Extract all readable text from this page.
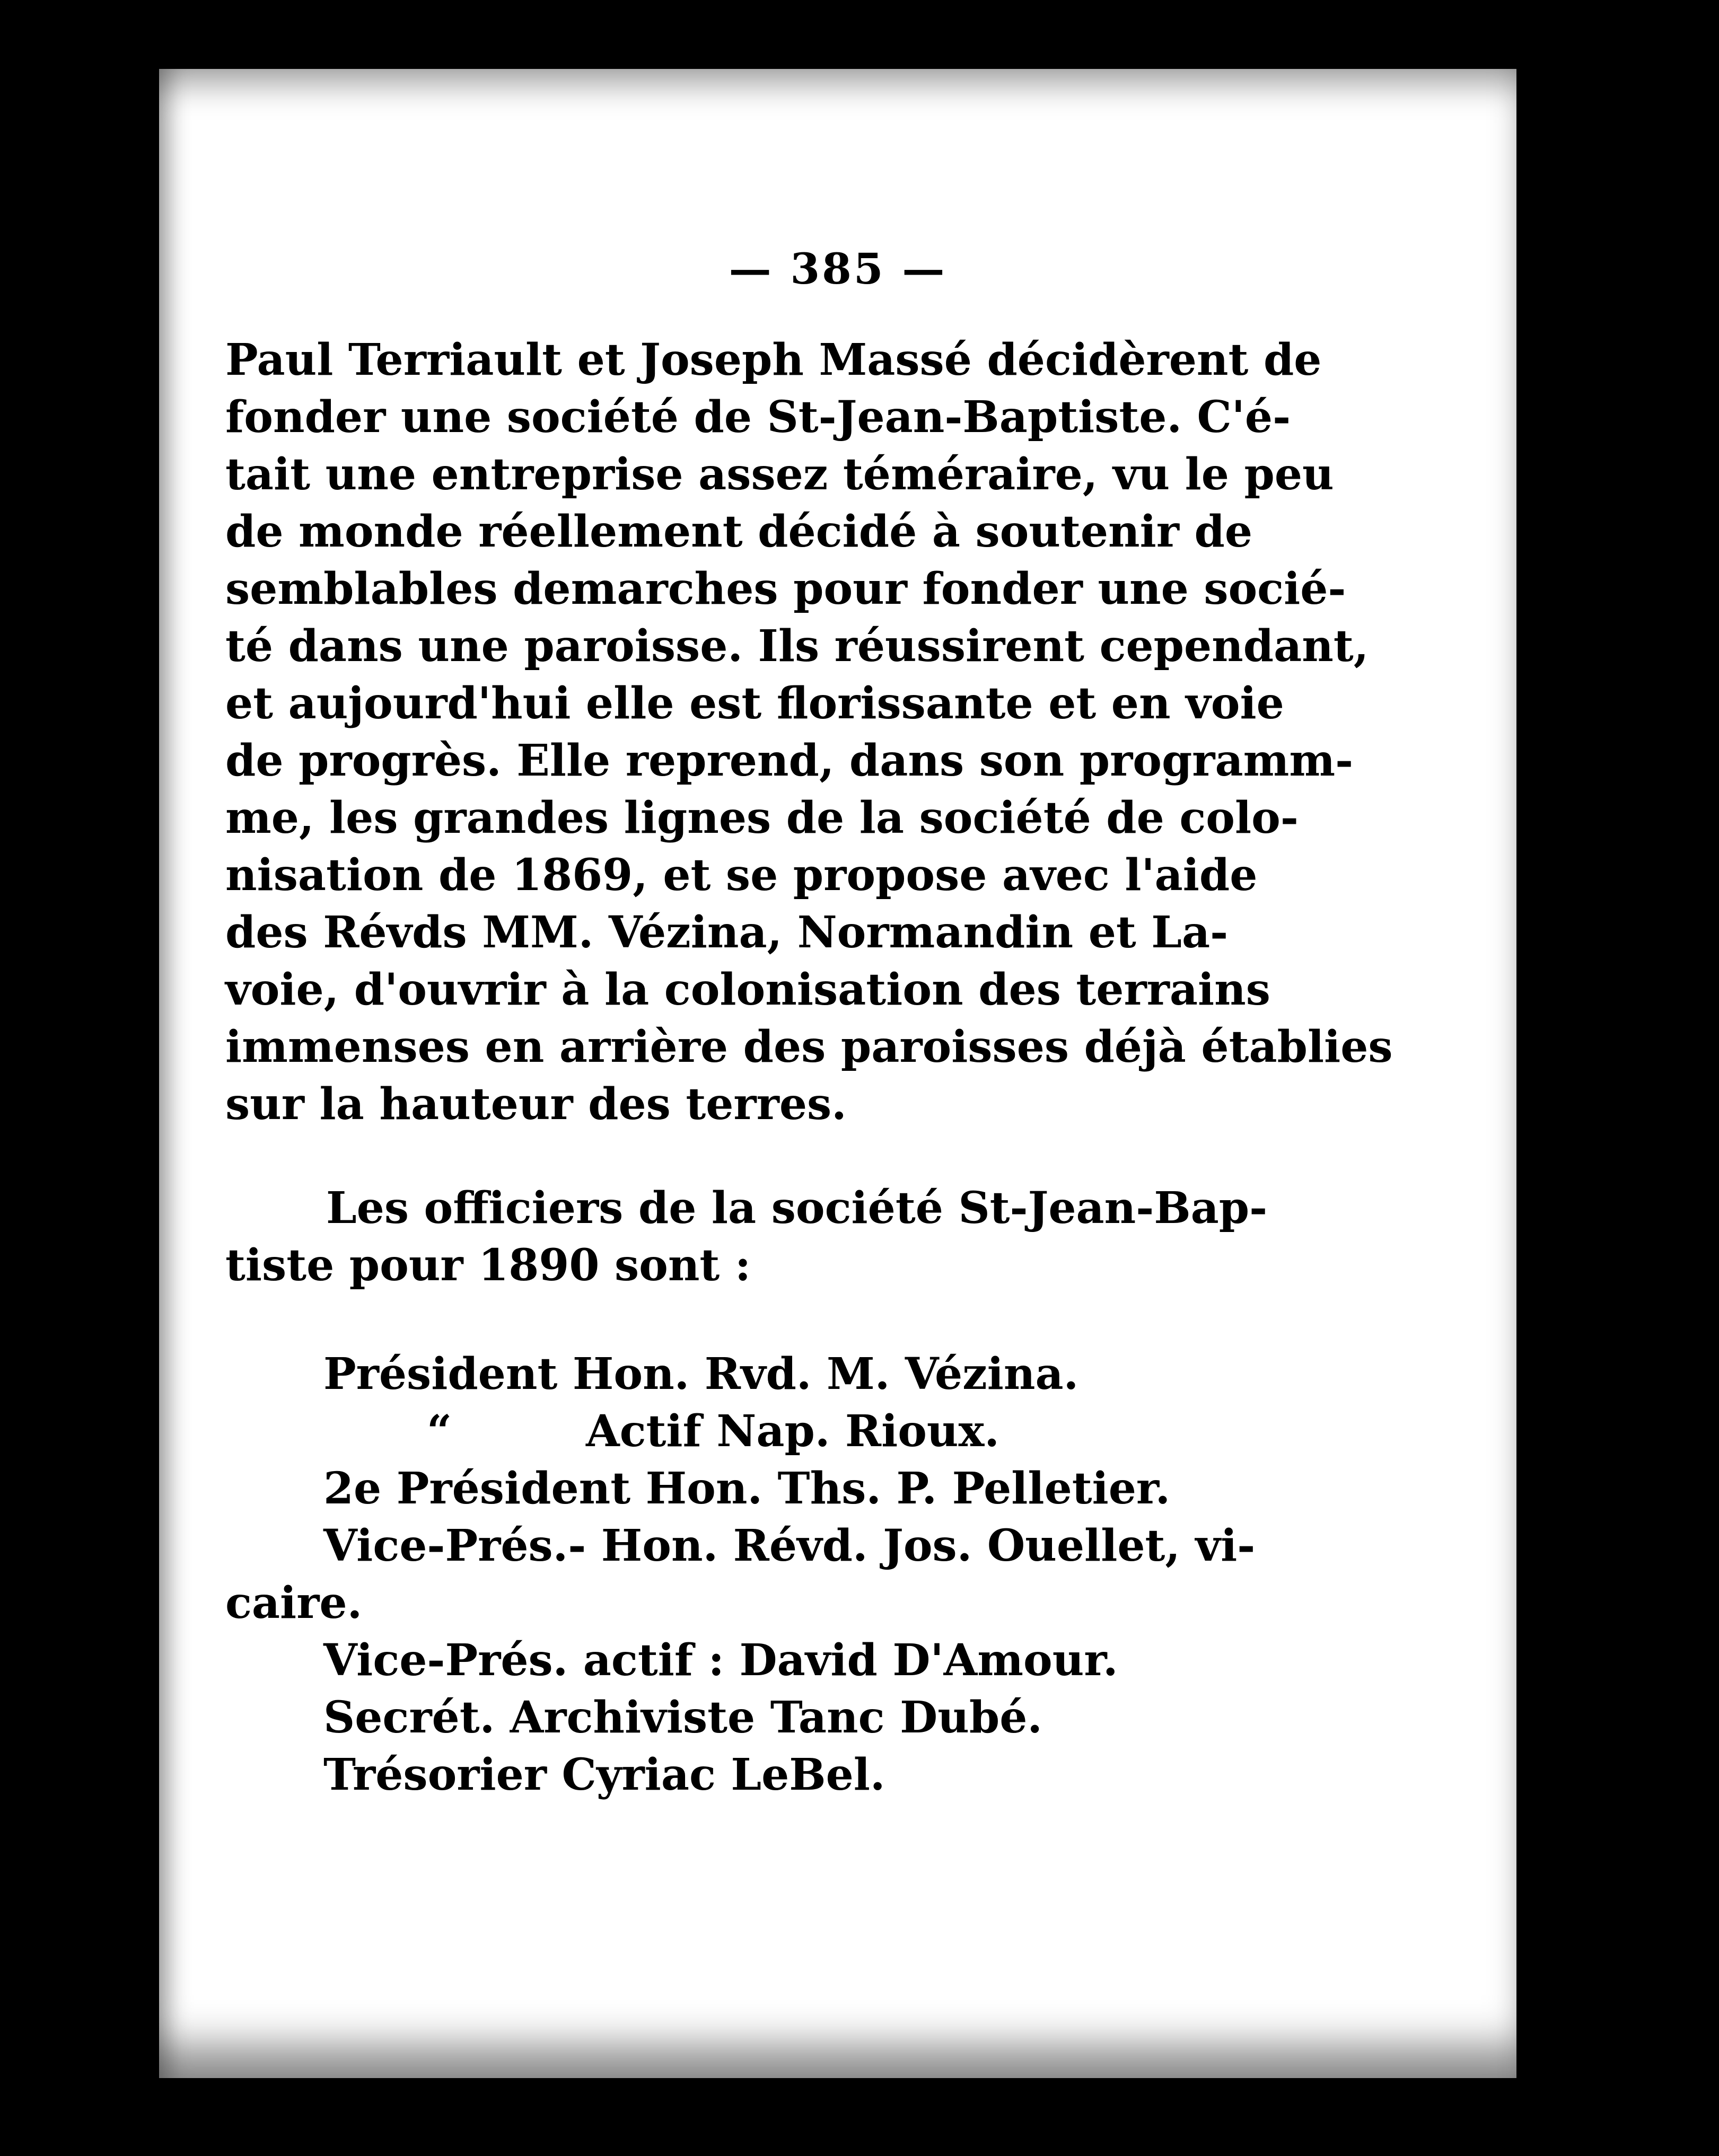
— 385 —
Paul Terriault et Joseph Massé décidèrent de
fonder une société de St-Jean-Baptiste. C'é-
tait une entreprise assez téméraire, vu le peu
de monde réellement décidé à soutenir de
semblables demarches pour fonder une socié-
té dans une paroisse. Ils réussirent cependant,
et aujourd'hui elle est florissante et en voie
de progrès. Elle reprend, dans son programm-
me, les grandes lignes de la société de colo-
nisation de 1869, et se propose avec l'aide
des Révds MM. Vézina, Normandin et La-
voie, d'ouvrir à la colonisation des terrains
immenses en arrière des paroisses déjà établies
sur la hauteur des terres.
Les officiers de la société St-Jean-Bap-
tiste pour 1890 sont :
Président Hon. Rvd. M. Vézina.
“	Actif Nap. Rioux.
2e Président Hon. Ths. P. Pelletier.
Vice-Prés.- Hon. Révd. Jos. Ouellet, vi-
caire.
Vice-Prés. actif : David D'Amour.
Secrét. Archiviste Tanc Dubé.
Trésorier Cyriac LeBel.
